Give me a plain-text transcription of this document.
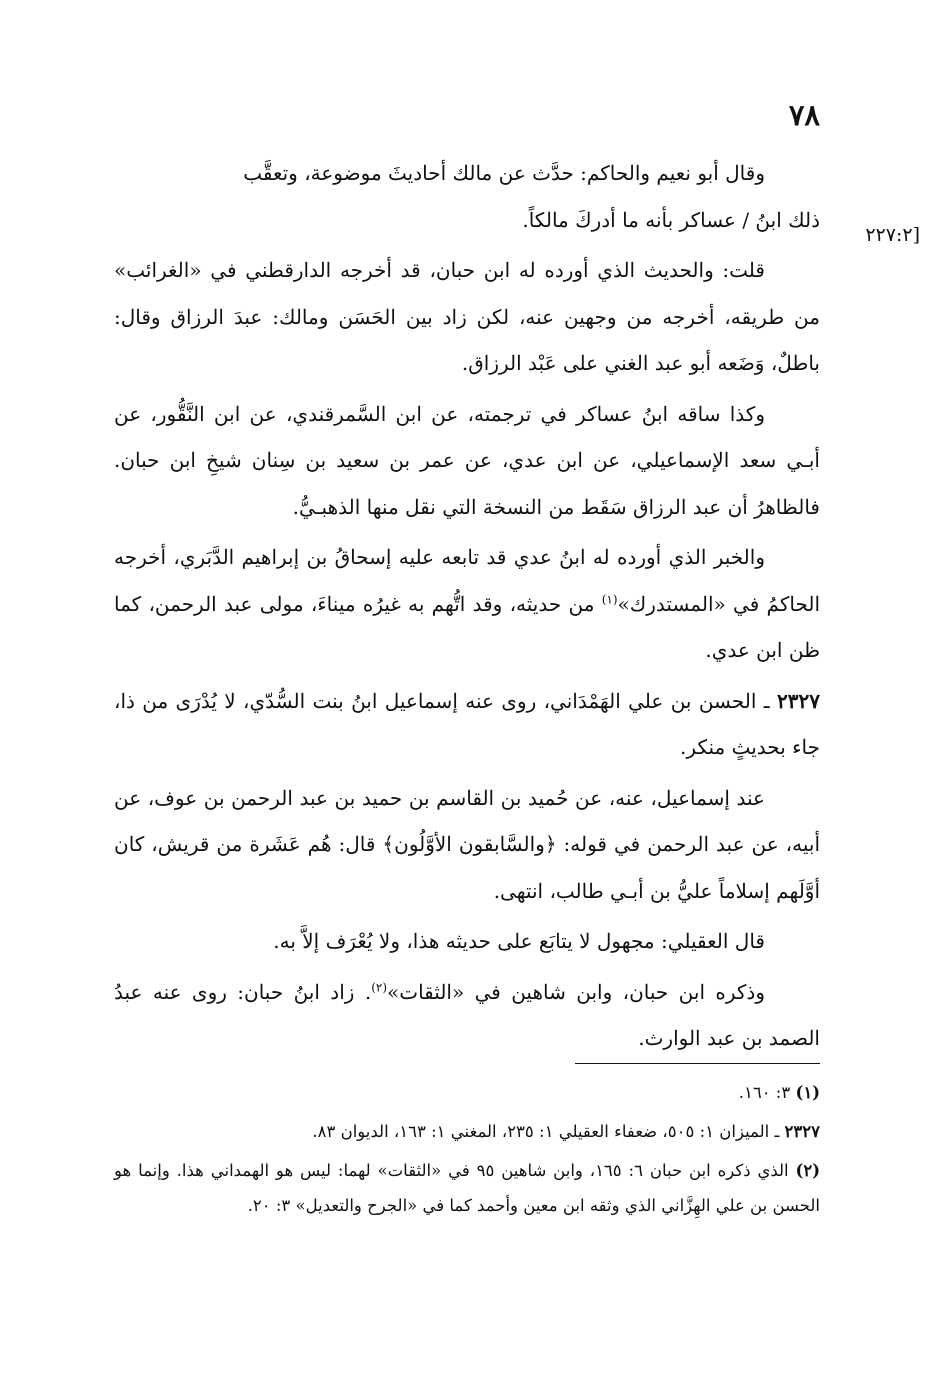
٧٨
[٢٢٧:٢

وقال أبو نعيم والحاكم: حدَّث عن مالك أحاديثَ موضوعة، وتعقَّب

ذلك ابنُ / عساكر بأنه ما أدركَ مالكاً.

قلت: والحديث الذي أورده له ابن حبان، قد أخرجه الدارقطني في «الغرائب» من طريقه، أخرجه من وجهين عنه، لكن زاد بين الحَسَن ومالك: عبدَ الرزاق وقال: باطلٌ، وَضَعه أبو عبد الغني على عَبْد الرزاق.

وكذا ساقه ابنُ عساكر في ترجمته، عن ابن السَّمرقندي، عن ابن النَّقُّور، عن أبـي سعد الإسماعيلي، عن ابن عدي، عن عمر بن سعيد بن سِنان شيخِ ابن حبان. فالظاهرُ أن عبد الرزاق سَقَط من النسخة التي نقل منها الذهبـيُّ.

والخبر الذي أورده له ابنُ عدي قد تابعه عليه إسحاقُ بن إبراهيم الدَّبَري، أخرجه الحاكمُ في «المستدرك»$^{(١)}$ من حديثه، وقد اتُّهم به غيرُه ميناءَ، مولى عبد الرحمن، كما ظن ابن عدي.

٢٣٢٧ ـ الحسن بن علي الهَمْدَاني، روى عنه إسماعيل ابنُ بنت السُّدّي، لا يُدْرَى من ذا، جاء بحديثٍ منكر.

عند إسماعيل، عنه، عن حُميد بن القاسم بن حميد بن عبد الرحمن بن عوف، عن أبيه، عن عبد الرحمن في قوله: ﴿والسَّابقون الأوَّلُون﴾ قال: هُم عَشَرة من قريش، كان أوَّلَهم إسلاماً عليُّ بن أبـي طالب، انتهى.

قال العقيلي: مجهول لا يتابَع على حديثه هذا، ولا يُعْرَف إلاَّ به.

وذكره ابن حبان، وابن شاهين في «الثقات»$^{(٢)}$. زاد ابنُ حبان: روى عنه عبدُ الصمد بن عبد الوارث.

(١) ٣: ١٦٠.

٢٣٢٧ ـ الميزان ١: ٥٠٥، ضعفاء العقيلي ١: ٢٣٥، المغني ١: ١٦٣، الديوان ٨٣.

(٢) الذي ذكره ابن حبان ٦: ١٦٥، وابن شاهين ٩٥ في «الثقات» لهما: ليس هو الهمداني هذا. وإنما هو الحسن بن علي الهِزَّاني الذي وثقه ابن معين وأحمد كما في «الجرح والتعديل» ٣: ٢٠.
